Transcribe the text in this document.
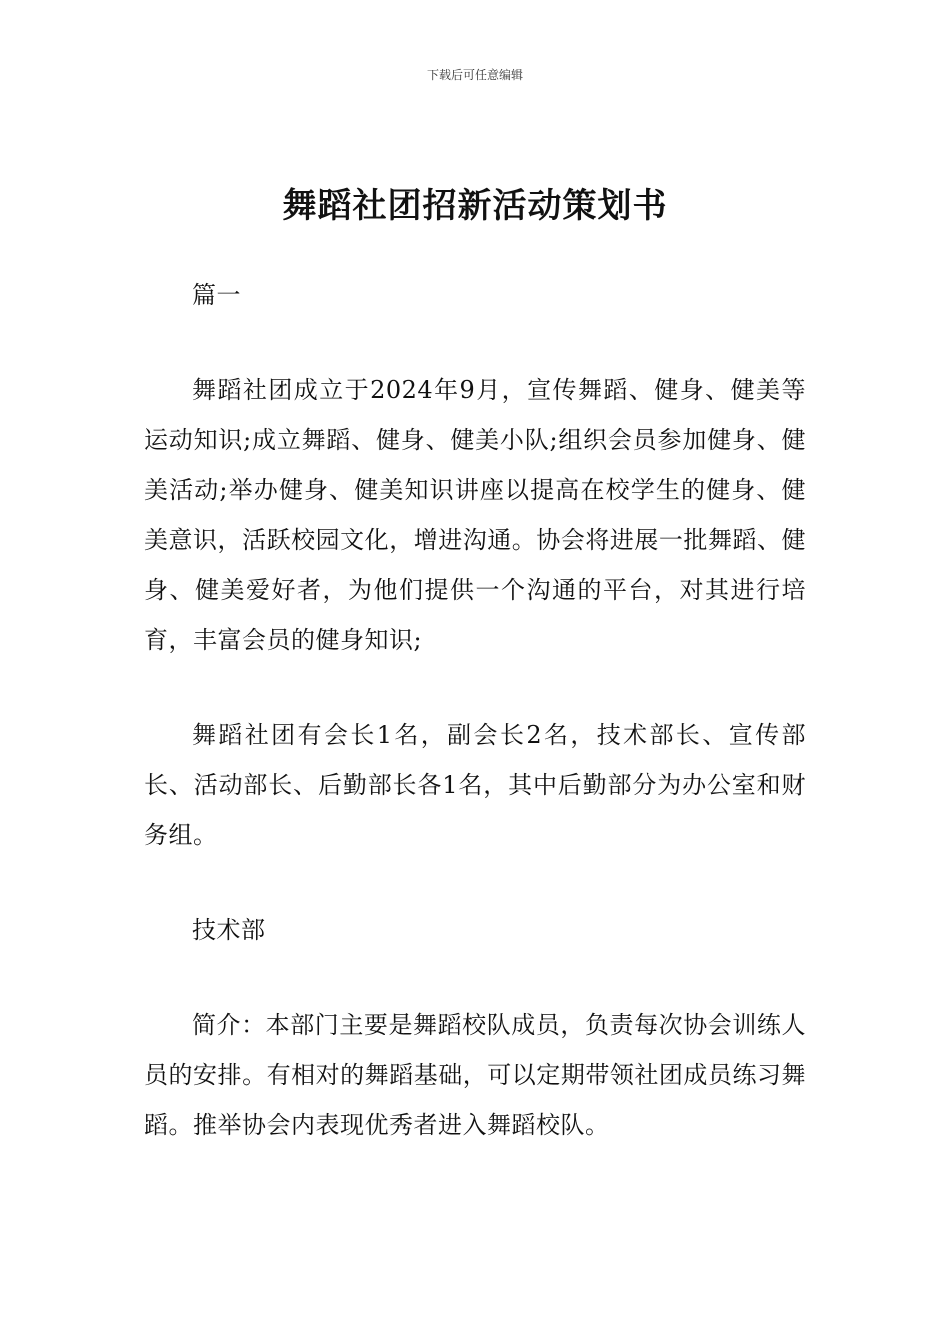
下载后可任意编辑
舞蹈社团招新活动策划书

篇一

舞蹈社团成立于2024年9月，宣传舞蹈、健身、健美等运动知识;成立舞蹈、健身、健美小队;组织会员参加健身、健美活动;举办健身、健美知识讲座以提高在校学生的健身、健美意识，活跃校园文化，增进沟通。协会将进展一批舞蹈、健身、健美爱好者，为他们提供一个沟通的平台，对其进行培育，丰富会员的健身知识;

舞蹈社团有会长1名，副会长2名，技术部长、宣传部长、活动部长、后勤部长各1名，其中后勤部分为办公室和财务组。

技术部

简介：本部门主要是舞蹈校队成员，负责每次协会训练人员的安排。有相对的舞蹈基础，可以定期带领社团成员练习舞蹈。推举协会内表现优秀者进入舞蹈校队。
